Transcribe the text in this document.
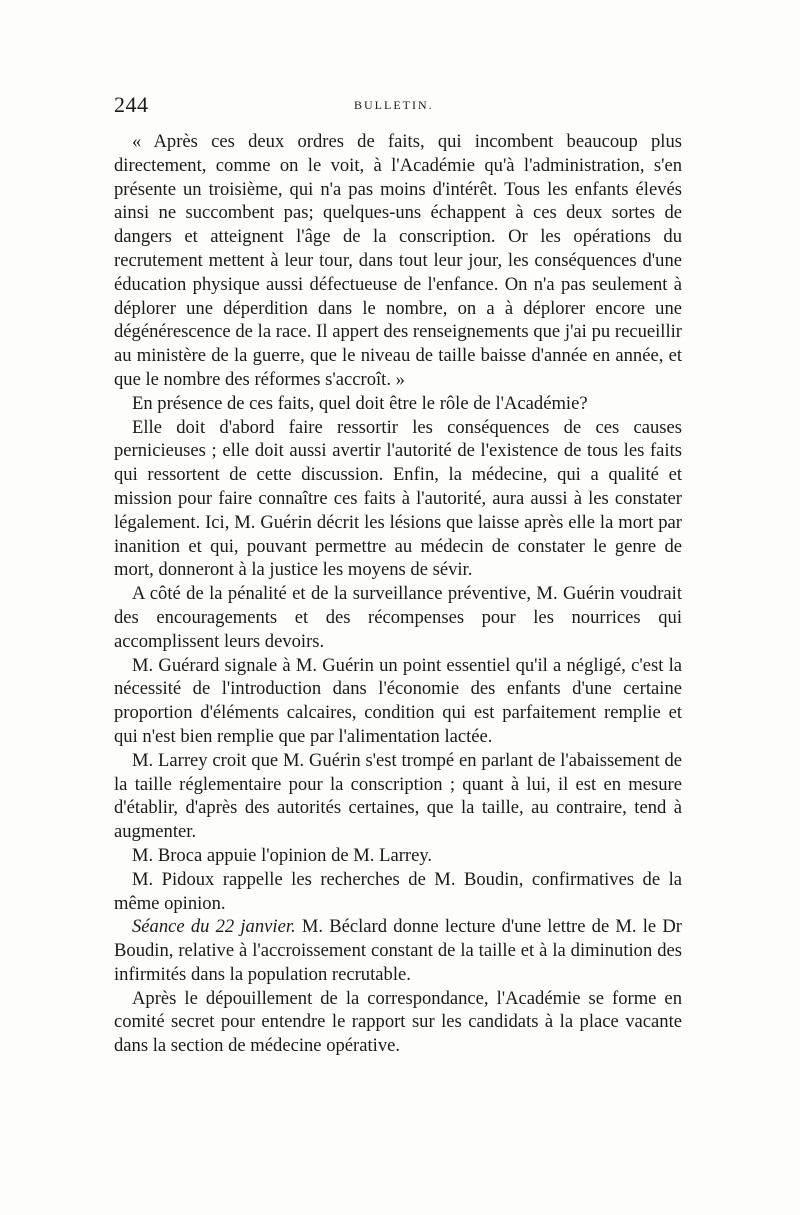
244	BULLETIN.

« Après ces deux ordres de faits, qui incombent beaucoup plus directement, comme on le voit, à l'Académie qu'à l'administration, s'en présente un troisième, qui n'a pas moins d'intérêt. Tous les enfants élevés ainsi ne succombent pas; quelques-uns échappent à ces deux sortes de dangers et atteignent l'âge de la conscription. Or les opérations du recrutement mettent à leur tour, dans tout leur jour, les conséquences d'une éducation physique aussi défectueuse de l'enfance. On n'a pas seulement à déplorer une déperdition dans le nombre, on a à déplorer encore une dégénérescence de la race. Il appert des renseignements que j'ai pu recueillir au ministère de la guerre, que le niveau de taille baisse d'année en année, et que le nombre des réformes s'accroît. »

En présence de ces faits, quel doit être le rôle de l'Académie?

Elle doit d'abord faire ressortir les conséquences de ces causes pernicieuses ; elle doit aussi avertir l'autorité de l'existence de tous les faits qui ressortent de cette discussion. Enfin, la médecine, qui a qualité et mission pour faire connaître ces faits à l'autorité, aura aussi à les constater légalement. Ici, M. Guérin décrit les lésions que laisse après elle la mort par inanition et qui, pouvant permettre au médecin de constater le genre de mort, donneront à la justice les moyens de sévir.

A côté de la pénalité et de la surveillance préventive, M. Guérin voudrait des encouragements et des récompenses pour les nourrices qui accomplissent leurs devoirs.

M. Guérard signale à M. Guérin un point essentiel qu'il a négligé, c'est la nécessité de l'introduction dans l'économie des enfants d'une certaine proportion d'éléments calcaires, condition qui est parfaitement remplie et qui n'est bien remplie que par l'alimentation lactée.

M. Larrey croit que M. Guérin s'est trompé en parlant de l'abaissement de la taille réglementaire pour la conscription ; quant à lui, il est en mesure d'établir, d'après des autorités certaines, que la taille, au contraire, tend à augmenter.

M. Broca appuie l'opinion de M. Larrey.

M. Pidoux rappelle les recherches de M. Boudin, confirmatives de la même opinion.

Séance du 22 janvier. M. Béclard donne lecture d'une lettre de M. le Dr Boudin, relative à l'accroissement constant de la taille et à la diminution des infirmités dans la population recrutable.

Après le dépouillement de la correspondance, l'Académie se forme en comité secret pour entendre le rapport sur les candidats à la place vacante dans la section de médecine opérative.
